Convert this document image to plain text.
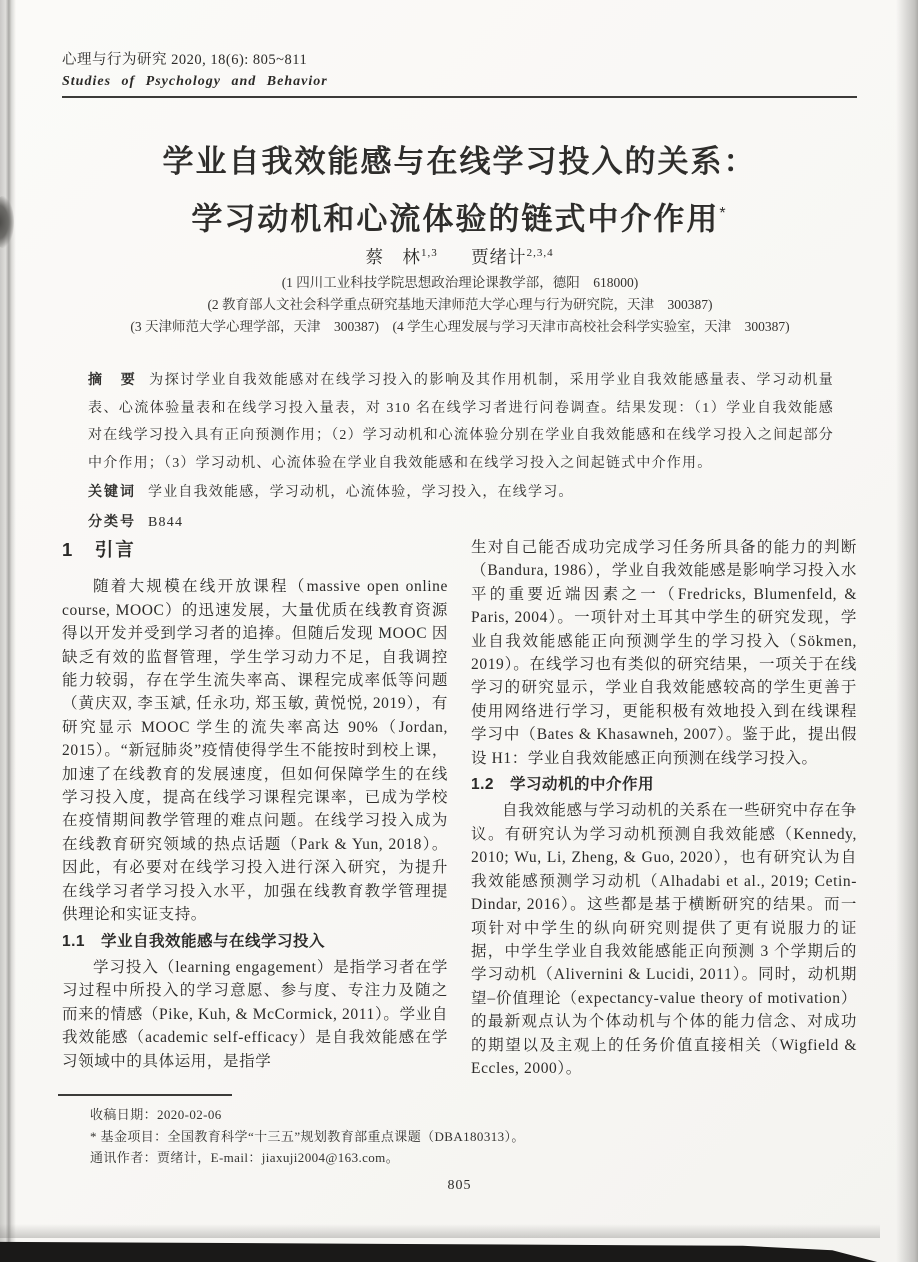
心理与行为研究 2020, 18(6): 805~811
Studies of Psychology and Behavior
学业自我效能感与在线学习投入的关系：
学习动机和心流体验的链式中介作用*
蔡　林$^{1,3}$ 贾绪计$^{2,3,4}$
(1 四川工业科技学院思想政治理论课教学部，德阳　618000)
(2 教育部人文社会科学重点研究基地天津师范大学心理与行为研究院，天津　300387)
(3 天津师范大学心理学部，天津　300387)　(4 学生心理发展与学习天津市高校社会科学实验室，天津　300387)
摘　要 为探讨学业自我效能感对在线学习投入的影响及其作用机制，采用学业自我效能感量表、学习动机量表、心流体验量表和在线学习投入量表，对 310 名在线学习者进行问卷调查。结果发现：（1）学业自我效能感对在线学习投入具有正向预测作用；（2）学习动机和心流体验分别在学业自我效能感和在线学习投入之间起部分中介作用；（3）学习动机、心流体验在学业自我效能感和在线学习投入之间起链式中介作用。
关键词 学业自我效能感，学习动机，心流体验，学习投入，在线学习。
分类号 B844
1　引言

随着大规模在线开放课程（massive open online course, MOOC）的迅速发展，大量优质在线教育资源得以开发并受到学习者的追捧。但随后发现 MOOC 因缺乏有效的监督管理，学生学习动力不足，自我调控能力较弱，存在学生流失率高、课程完成率低等问题（黄庆双, 李玉斌, 任永功, 郑玉敏, 黄悦悦, 2019），有研究显示 MOOC 学生的流失率高达 90%（Jordan, 2015）。“新冠肺炎”疫情使得学生不能按时到校上课，加速了在线教育的发展速度，但如何保障学生的在线学习投入度，提高在线学习课程完课率，已成为学校在疫情期间教学管理的难点问题。在线学习投入成为在线教育研究领域的热点话题（Park & Yun, 2018）。因此，有必要对在线学习投入进行深入研究，为提升在线学习者学习投入水平，加强在线教育教学管理提供理论和实证支持。

1.1　学业自我效能感与在线学习投入

学习投入（learning engagement）是指学习者在学习过程中所投入的学习意愿、参与度、专注力及随之而来的情感（Pike, Kuh, & McCormick, 2011）。学业自我效能感（academic self-efficacy）是自我效能感在学习领域中的具体运用，是指学

生对自己能否成功完成学习任务所具备的能力的判断（Bandura, 1986），学业自我效能感是影响学习投入水平的重要近端因素之一（Fredricks, Blumenfeld, & Paris, 2004）。一项针对土耳其中学生的研究发现，学业自我效能感能正向预测学生的学习投入（Sökmen, 2019）。在线学习也有类似的研究结果，一项关于在线学习的研究显示，学业自我效能感较高的学生更善于使用网络进行学习，更能积极有效地投入到在线课程学习中（Bates & Khasawneh, 2007）。鉴于此，提出假设 H1：学业自我效能感正向预测在线学习投入。

1.2　学习动机的中介作用

自我效能感与学习动机的关系在一些研究中存在争议。有研究认为学习动机预测自我效能感（Kennedy, 2010; Wu, Li, Zheng, & Guo, 2020），也有研究认为自我效能感预测学习动机（Alhadabi et al., 2019; Cetin-Dindar, 2016）。这些都是基于横断研究的结果。而一项针对中学生的纵向研究则提供了更有说服力的证据，中学生学业自我效能感能正向预测 3 个学期后的学习动机（Alivernini & Lucidi, 2011）。同时，动机期望–价值理论（expectancy-value theory of motivation）的最新观点认为个体动机与个体的能力信念、对成功的期望以及主观上的任务价值直接相关（Wigfield & Eccles, 2000）。

收稿日期：2020-02-06
* 基金项目：全国教育科学“十三五”规划教育部重点课题（DBA180313）。
通讯作者：贾绪计，E-mail：jiaxuji2004@163.com。
805
